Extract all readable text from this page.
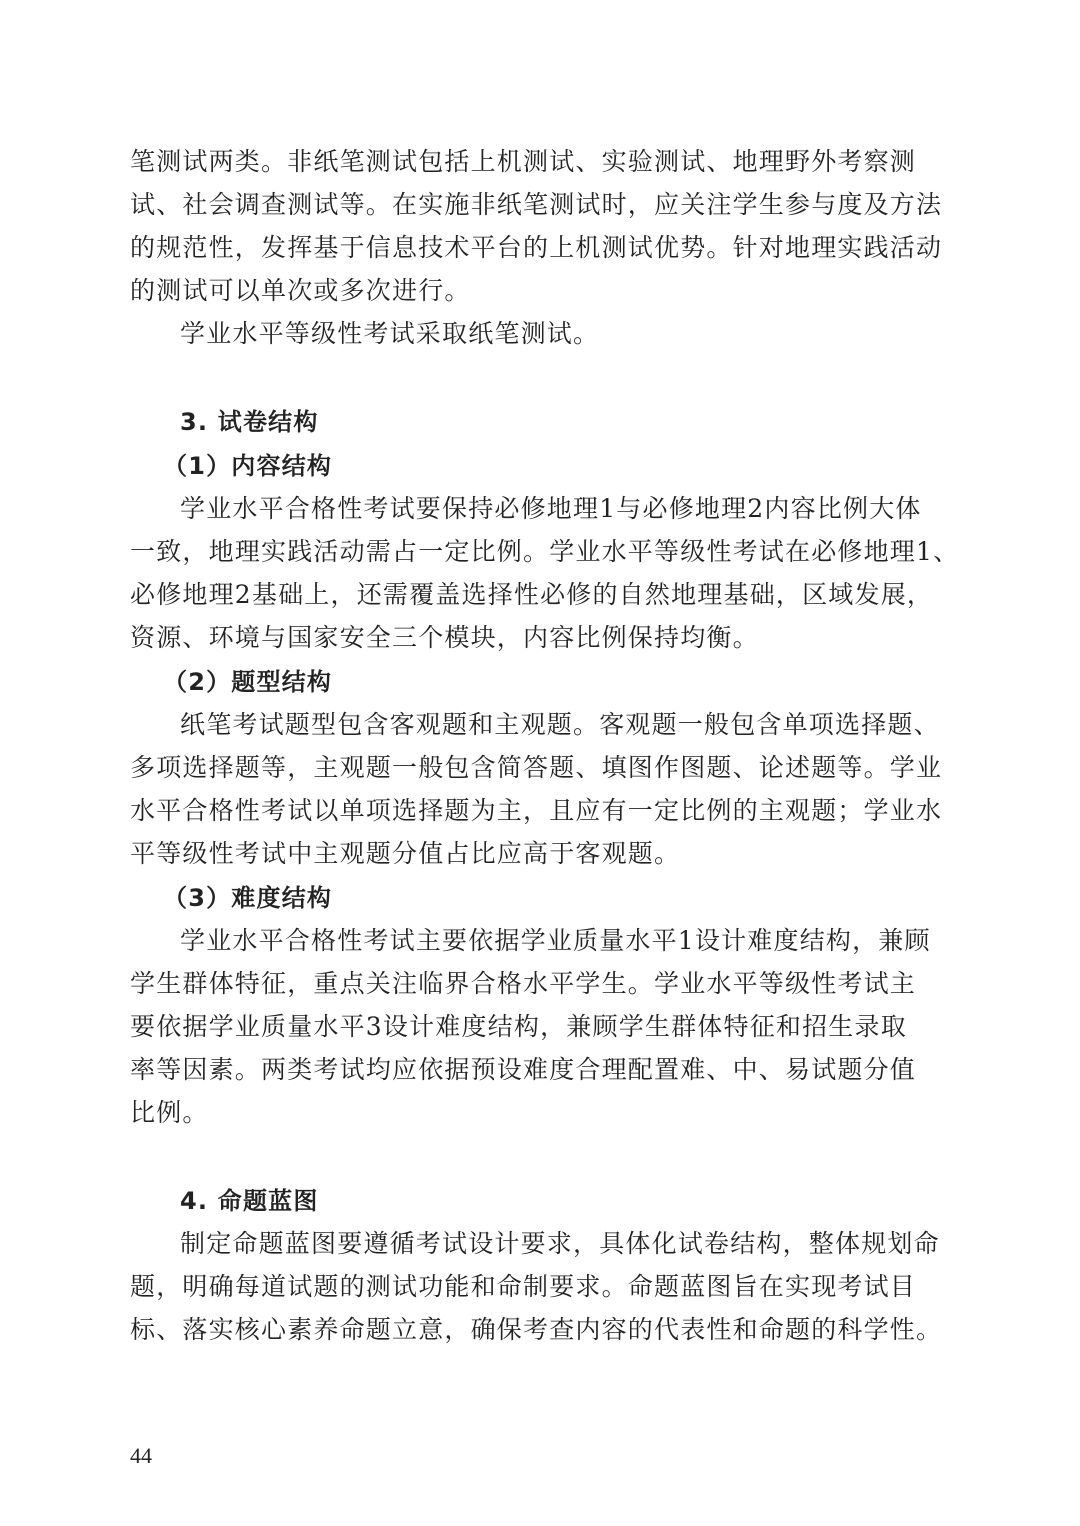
笔测试两类。非纸笔测试包括上机测试、实验测试、地理野外考察测
试、社会调查测试等。在实施非纸笔测试时，应关注学生参与度及方法
的规范性，发挥基于信息技术平台的上机测试优势。针对地理实践活动
的测试可以单次或多次进行。
学业水平等级性考试采取纸笔测试。
3. 试卷结构
（1）内容结构
学业水平合格性考试要保持必修地理1与必修地理2内容比例大体
一致，地理实践活动需占一定比例。学业水平等级性考试在必修地理1、
必修地理2基础上，还需覆盖选择性必修的自然地理基础，区域发展，
资源、环境与国家安全三个模块，内容比例保持均衡。
（2）题型结构
纸笔考试题型包含客观题和主观题。客观题一般包含单项选择题、
多项选择题等，主观题一般包含简答题、填图作图题、论述题等。学业
水平合格性考试以单项选择题为主，且应有一定比例的主观题；学业水
平等级性考试中主观题分值占比应高于客观题。
（3）难度结构
学业水平合格性考试主要依据学业质量水平1设计难度结构，兼顾
学生群体特征，重点关注临界合格水平学生。学业水平等级性考试主
要依据学业质量水平3设计难度结构，兼顾学生群体特征和招生录取
率等因素。两类考试均应依据预设难度合理配置难、中、易试题分值
比例。
4. 命题蓝图
制定命题蓝图要遵循考试设计要求，具体化试卷结构，整体规划命
题，明确每道试题的测试功能和命制要求。命题蓝图旨在实现考试目
标、落实核心素养命题立意，确保考查内容的代表性和命题的科学性。
44
